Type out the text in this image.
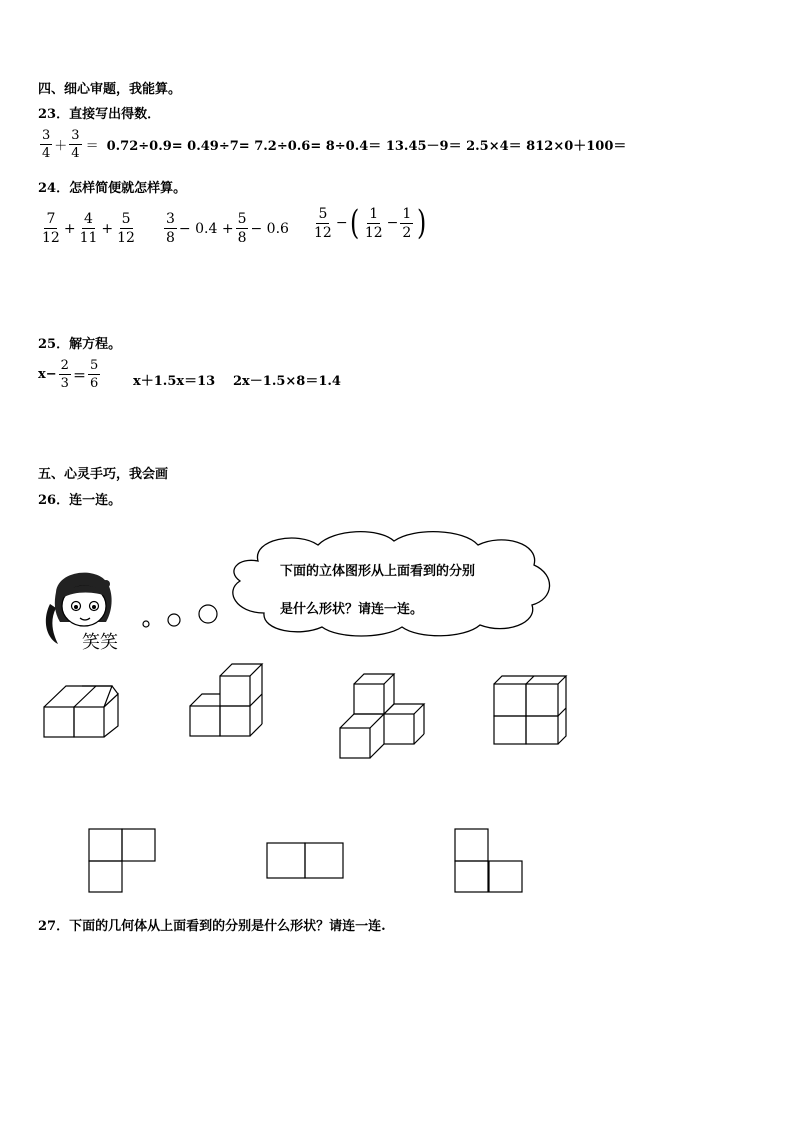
四、细心审题，我能算。
23．直接写出得数．
$\frac{3}{4} + \frac{3}{4} = 0.72\div 0.9= 0.49\div 7= 7.2\div 0.6= 8\div 0.4= 13.45-9= 2.5\times 4= 812\times 0+100=$
24．怎样简便就怎样算。
$\frac{7}{12} + \frac{4}{11} + \frac{5}{12} \frac{3}{8} - 0.4 + \frac{5}{8} - 0.6 \frac{5}{12}$ − ( $\frac{1}{12} - \frac{1}{2}$ )
25．解方程。
$x- \frac{2}{3} = \frac{5}{6}$	x＋1.5x＝13 2x－1.5×8＝1.4
五、心灵手巧，我会画
26．连一连。
笑笑
下面的立体图形从上面看到的分别
是什么形状？请连一连。
27．下面的几何体从上面看到的分别是什么形状？请连一连.
